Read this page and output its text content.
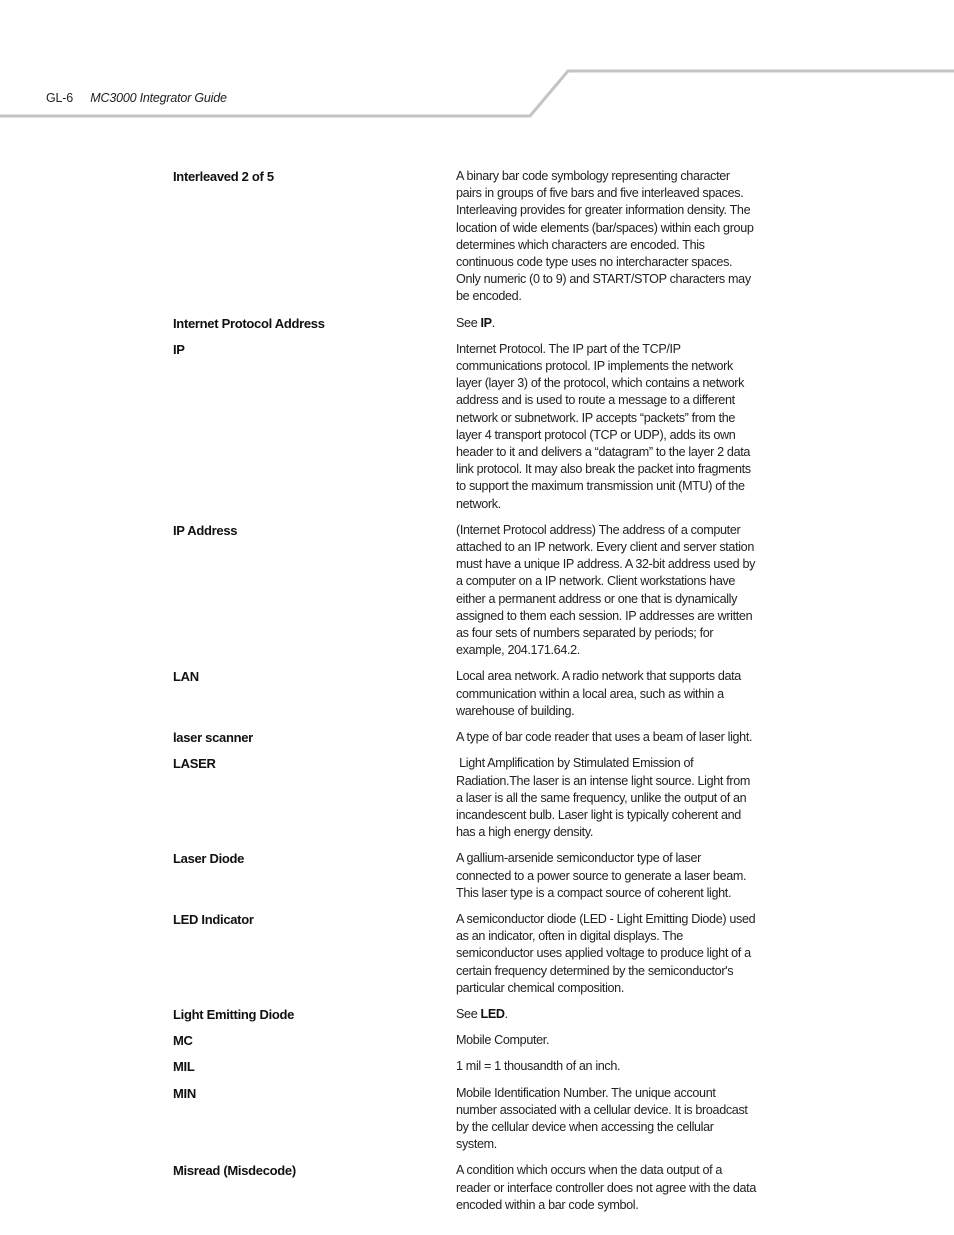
GL-6 MC3000 Integrator Guide
Interleaved 2 of 5	A binary bar code symbology representing character pairs in groups of five bars and five interleaved spaces. Interleaving provides for greater information density. The location of wide elements (bar/spaces) within each group determines which characters are encoded. This continuous code type uses no intercharacter spaces. Only numeric (0 to 9) and START/STOP characters may be encoded.
Internet Protocol Address	See IP.
IP	Internet Protocol. The IP part of the TCP/IP communications protocol. IP implements the network layer (layer 3) of the protocol, which contains a network address and is used to route a message to a different network or subnetwork. IP accepts “packets” from the layer 4 transport protocol (TCP or UDP), adds its own header to it and delivers a “datagram” to the layer 2 data link protocol. It may also break the packet into fragments to support the maximum transmission unit (MTU) of the network.
IP Address	(Internet Protocol address) The address of a computer attached to an IP network. Every client and server station must have a unique IP address. A 32-bit address used by a computer on a IP network. Client workstations have either a permanent address or one that is dynamically assigned to them each session. IP addresses are written as four sets of numbers separated by periods; for example, 204.171.64.2.
LAN	Local area network. A radio network that supports data communication within a local area, such as within a warehouse of building.
laser scanner	A type of bar code reader that uses a beam of laser light.
LASER	Light Amplification by Stimulated Emission of Radiation.The laser is an intense light source. Light from a laser is all the same frequency, unlike the output of an incandescent bulb. Laser light is typically coherent and has a high energy density.
Laser Diode	A gallium-arsenide semiconductor type of laser connected to a power source to generate a laser beam. This laser type is a compact source of coherent light.
LED Indicator	A semiconductor diode (LED - Light Emitting Diode) used as an indicator, often in digital displays. The semiconductor uses applied voltage to produce light of a certain frequency determined by the semiconductor's particular chemical composition.
Light Emitting Diode	See LED.
MC	Mobile Computer.
MIL	1 mil = 1 thousandth of an inch.
MIN	Mobile Identification Number. The unique account number associated with a cellular device. It is broadcast by the cellular device when accessing the cellular system.
Misread (Misdecode)	A condition which occurs when the data output of a reader or interface controller does not agree with the data encoded within a bar code symbol.
